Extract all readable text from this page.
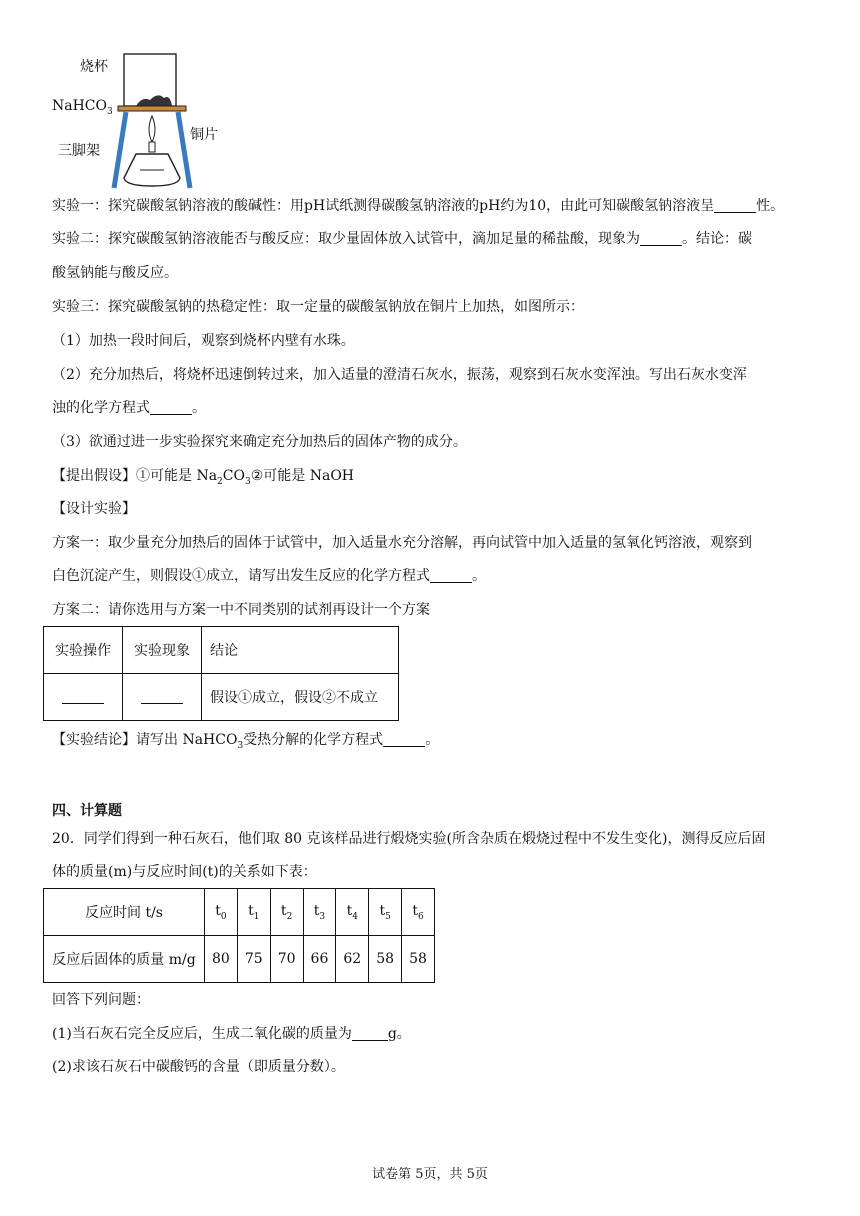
烧杯
NaHCO$_3$
铜片
三脚架
实验一：探究碳酸氢钠溶液的酸碱性：用pH试纸测得碳酸氢钠溶液的pH约为10，由此可知碳酸氢钠溶液呈	性。
实验二：探究碳酸氢钠溶液能否与酸反应：取少量固体放入试管中，滴加足量的稀盐酸，现象为	。结论：碳
酸氢钠能与酸反应。
实验三：探究碳酸氢钠的热稳定性：取一定量的碳酸氢钠放在铜片上加热，如图所示：
（1）加热一段时间后，观察到烧杯内壁有水珠。
（2）充分加热后，将烧杯迅速倒转过来，加入适量的澄清石灰水，振荡，观察到石灰水变浑浊。写出石灰水变浑
浊的化学方程式	。
（3）欲通过进一步实验探究来确定充分加热后的固体产物的成分。
【提出假设】①可能是 $Na_2CO_3②$可能是 NaOH
【设计实验】
方案一：取少量充分加热后的固体于试管中，加入适量水充分溶解，再向试管中加入适量的氢氧化钙溶液，观察到
白色沉淀产生，则假设①成立，请写出发生反应的化学方程式	。
方案二：请你选用与方案一中不同类别的试剂再设计一个方案
实验操作	实验现象	结论
		假设①成立，假设②不成立
【实验结论】请写出 NaHCO$_3$受热分解的化学方程式	。
四、计算题
20．同学们得到一种石灰石，他们取 80 克该样品进行煅烧实验(所含杂质在煅烧过程中不发生变化)，测得反应后固
体的质量(m)与反应时间(t)的关系如下表：
反应时间 t/s	$t_0$	$t_1$	$t_2$	$t_3$	$t_4$	$t_5$	$t_6$
反应后固体的质量 m/g	80	75	70	66	62	58	58
回答下列问题：
(1)当石灰石完全反应后，生成二氧化碳的质量为	g。
(2)求该石灰石中碳酸钙的含量（即质量分数）。
试卷第 5页，共 5页
